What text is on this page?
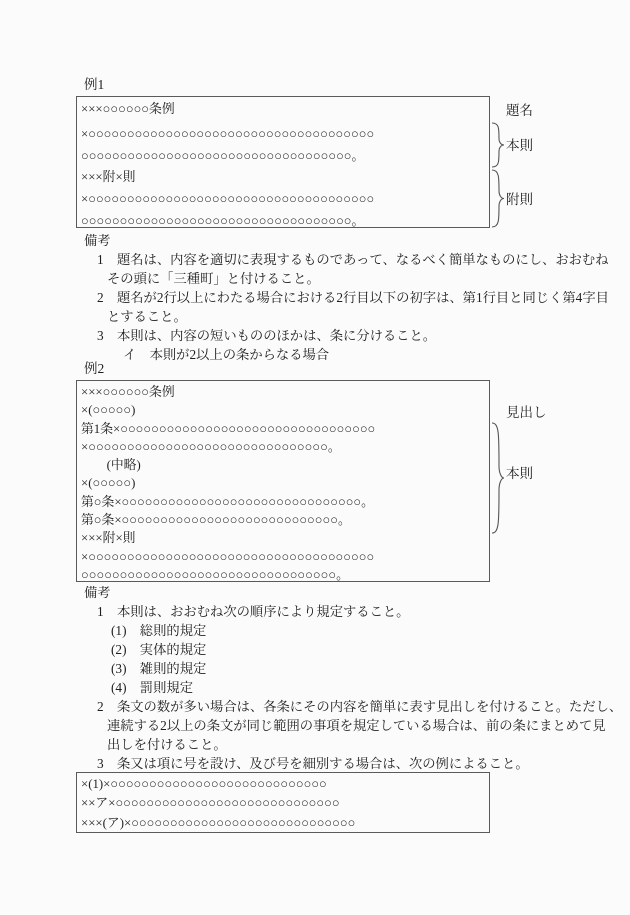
例1
×××○○○○○○条例
×○○○○○○○○○○○○○○○○○○○○○○○○○○○○○○○○○○○○○
○○○○○○○○○○○○○○○○○○○○○○○○○○○○○○○○○○○。
×××附×則
×○○○○○○○○○○○○○○○○○○○○○○○○○○○○○○○○○○○○○
○○○○○○○○○○○○○○○○○○○○○○○○○○○○○○○○○○○。
題名
本則
附則
備考
1　題名は、内容を適切に表現するものであって、なるべく簡単なものにし、おおむね
その頭に「三種町」と付けること。
2　題名が2行以上にわたる場合における2行目以下の初字は、第1行目と同じく第4字目
とすること。
3　本則は、内容の短いもののほかは、条に分けること。
イ　本則が2以上の条からなる場合
例2
×××○○○○○○条例
×(○○○○○)
第1条×○○○○○○○○○○○○○○○○○○○○○○○○○○○○○○○○○
×○○○○○○○○○○○○○○○○○○○○○○○○○○○○○○○。
　　(中略)
×(○○○○○)
第○条×○○○○○○○○○○○○○○○○○○○○○○○○○○○○○○○。
第○条×○○○○○○○○○○○○○○○○○○○○○○○○○○○○。
×××附×則
×○○○○○○○○○○○○○○○○○○○○○○○○○○○○○○○○○○○○○
○○○○○○○○○○○○○○○○○○○○○○○○○○○○○○○○○。
見出し
本則
備考
1　本則は、おおむね次の順序により規定すること。
(1)　総則的規定
(2)　実体的規定
(3)　雑則的規定
(4)　罰則規定
2　条文の数が多い場合は、各条にその内容を簡単に表す見出しを付けること。ただし、
連続する2以上の条文が同じ範囲の事項を規定している場合は、前の条にまとめて見
出しを付けること。
3　条又は項に号を設け、及び号を細別する場合は、次の例によること。
×(1)×○○○○○○○○○○○○○○○○○○○○○○○○○○○○
××ア×○○○○○○○○○○○○○○○○○○○○○○○○○○○○○
×××(ア)×○○○○○○○○○○○○○○○○○○○○○○○○○○○○○
